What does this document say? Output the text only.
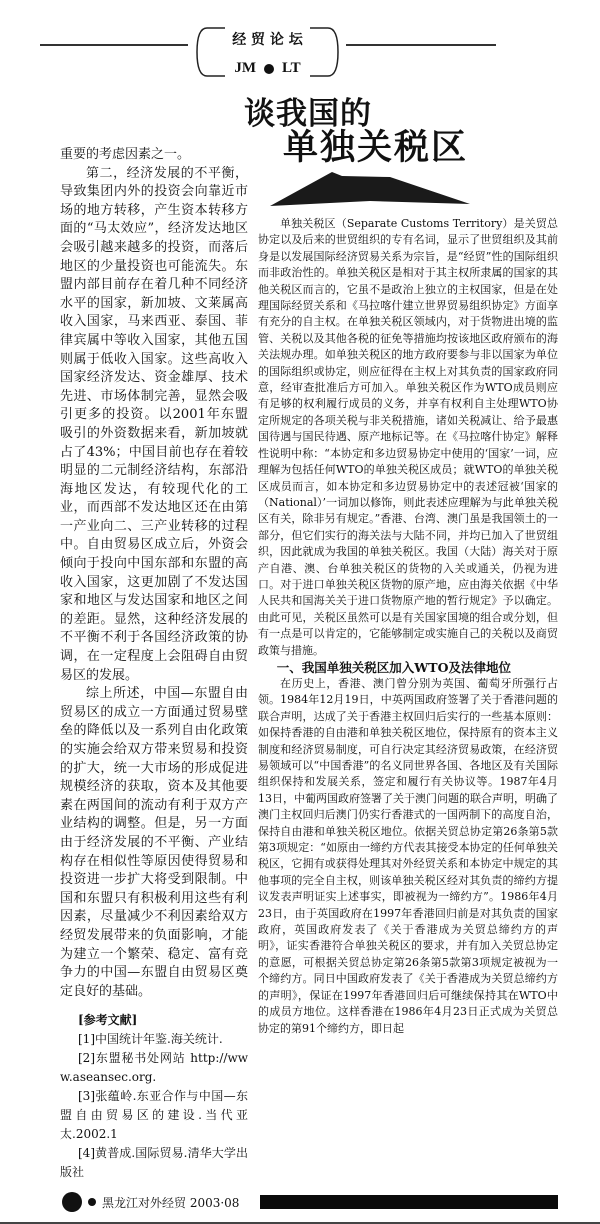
经 贸 论 坛
JM LT
谈我国的
单独关税区

重要的考虑因素之一。

第二，经济发展的不平衡，导致集团内外的投资会向靠近市场的地方转移，产生资本转移方面的“马太效应”，经济发达地区会吸引越来越多的投资，而落后地区的少量投资也可能流失。东盟内部目前存在着几种不同经济水平的国家，新加坡、文莱属高收入国家，马来西亚、泰国、菲律宾属中等收入国家，其他五国则属于低收入国家。这些高收入国家经济发达、资金雄厚、技术先进、市场体制完善，显然会吸引更多的投资。以2001年东盟吸引的外资数据来看，新加坡就占了43%；中国目前也存在着较明显的二元制经济结构，东部沿海地区发达，有较现代化的工业，而西部不发达地区还在由第一产业向二、三产业转移的过程中。自由贸易区成立后，外资会倾向于投向中国东部和东盟的高收入国家，这更加剧了不发达国家和地区与发达国家和地区之间的差距。显然，这种经济发展的不平衡不利于各国经济政策的协调，在一定程度上会阻碍自由贸易区的发展。

综上所述，中国—东盟自由贸易区的成立一方面通过贸易壁垒的降低以及一系列自由化政策的实施会给双方带来贸易和投资的扩大，统一大市场的形成促进规模经济的获取，资本及其他要素在两国间的流动有利于双方产业结构的调整。但是，另一方面由于经济发展的不平衡、产业结构存在相似性等原因使得贸易和投资进一步扩大将受到限制。中国和东盟只有积极利用这些有利因素，尽量减少不利因素给双方经贸发展带来的负面影响，才能为建立一个繁荣、稳定、富有竞争力的中国—东盟自由贸易区奠定良好的基础。

[参考文献]
[1]中国统计年鉴.海关统计.
[2]东盟秘书处网站 http://www.aseansec.org.
[3]张蕴岭.东亚合作与中国—东盟自由贸易区的建设.当代亚太.2002.1
[4]黄普成.国际贸易.清华大学出版社

单独关税区（Separate Customs Territory）是关贸总协定以及后来的世贸组织的专有名词，显示了世贸组织及其前身是以发展国际经济贸易关系为宗旨，是“经贸”性的国际组织而非政治性的。单独关税区是相对于其主权所隶属的国家的其他关税区而言的，它虽不是政治上独立的主权国家，但是在处理国际经贸关系和《马拉喀什建立世界贸易组织协定》方面享有充分的自主权。在单独关税区领域内，对于货物进出境的监管、关税以及其他各税的征免等措施均按该地区政府颁布的海关法规办理。如单独关税区的地方政府要参与非以国家为单位的国际组织或协定，则应征得在主权上对其负责的国家政府同意，经审查批准后方可加入。单独关税区作为WTO成员则应有足够的权利履行成员的义务，并享有权利自主处理WTO协定所规定的各项关税与非关税措施，诸如关税减让、给予最惠国待遇与国民待遇、原产地标记等。在《马拉喀什协定》解释性说明中称：“本协定和多边贸易协定中使用的‘国家’一词，应理解为包括任何WTO的单独关税区成员；就WTO的单独关税区成员而言，如本协定和多边贸易协定中的表述冠被‘国家的（National）’一词加以修饰，则此表述应理解为与此单独关税区有关，除非另有规定。”香港、台湾、澳门虽是我国领土的一部分，但它们实行的海关法与大陆不同，并均已加入了世贸组织，因此就成为我国的单独关税区。我国（大陆）海关对于原产自港、澳、台单独关税区的货物的入关或通关，仍视为进口。对于进口单独关税区货物的原产地，应由海关依据《中华人民共和国海关关于进口货物原产地的暂行规定》予以确定。由此可见，关税区虽然可以是有关国家国境的组合或分划，但有一点是可以肯定的，它能够制定或实施自己的关税以及商贸政策与措施。

一、我国单独关税区加入WTO及法律地位

在历史上，香港、澳门曾分别为英国、葡萄牙所强行占领。1984年12月19日，中英两国政府签署了关于香港问题的联合声明，达成了关于香港主权回归后实行的一些基本原则：如保持香港的自由港和单独关税区地位，保持原有的资本主义制度和经济贸易制度，可自行决定其经济贸易政策，在经济贸易领域可以“中国香港”的名义同世界各国、各地区及有关国际组织保持和发展关系，签定和履行有关协议等。1987年4月13日，中葡两国政府签署了关于澳门问题的联合声明，明确了澳门主权回归后澳门仍实行香港式的一国两制下的高度自治，保持自由港和单独关税区地位。依据关贸总协定第26条第5款第3项规定：“如原由一缔约方代表其接受本协定的任何单独关税区，它拥有或获得处理其对外经贸关系和本协定中规定的其他事项的完全自主权，则该单独关税区经对其负责的缔约方提议发表声明证实上述事实，即被视为一缔约方”。1986年4月23日，由于英国政府在1997年香港回归前是对其负责的国家政府，英国政府发表了《关于香港成为关贸总缔约方的声明》，证实香港符合单独关税区的要求，并有加入关贸总协定的意愿，可根据关贸总协定第26条第5款第3项规定被视为一个缔约方。同日中国政府发表了《关于香港成为关贸总缔约方的声明》，保证在1997年香港回归后可继续保持其在WTO中的成员方地位。这样香港在1986年4月23日正式成为关贸总协定的第91个缔约方，即日起

黑龙江对外经贸 2003·08
